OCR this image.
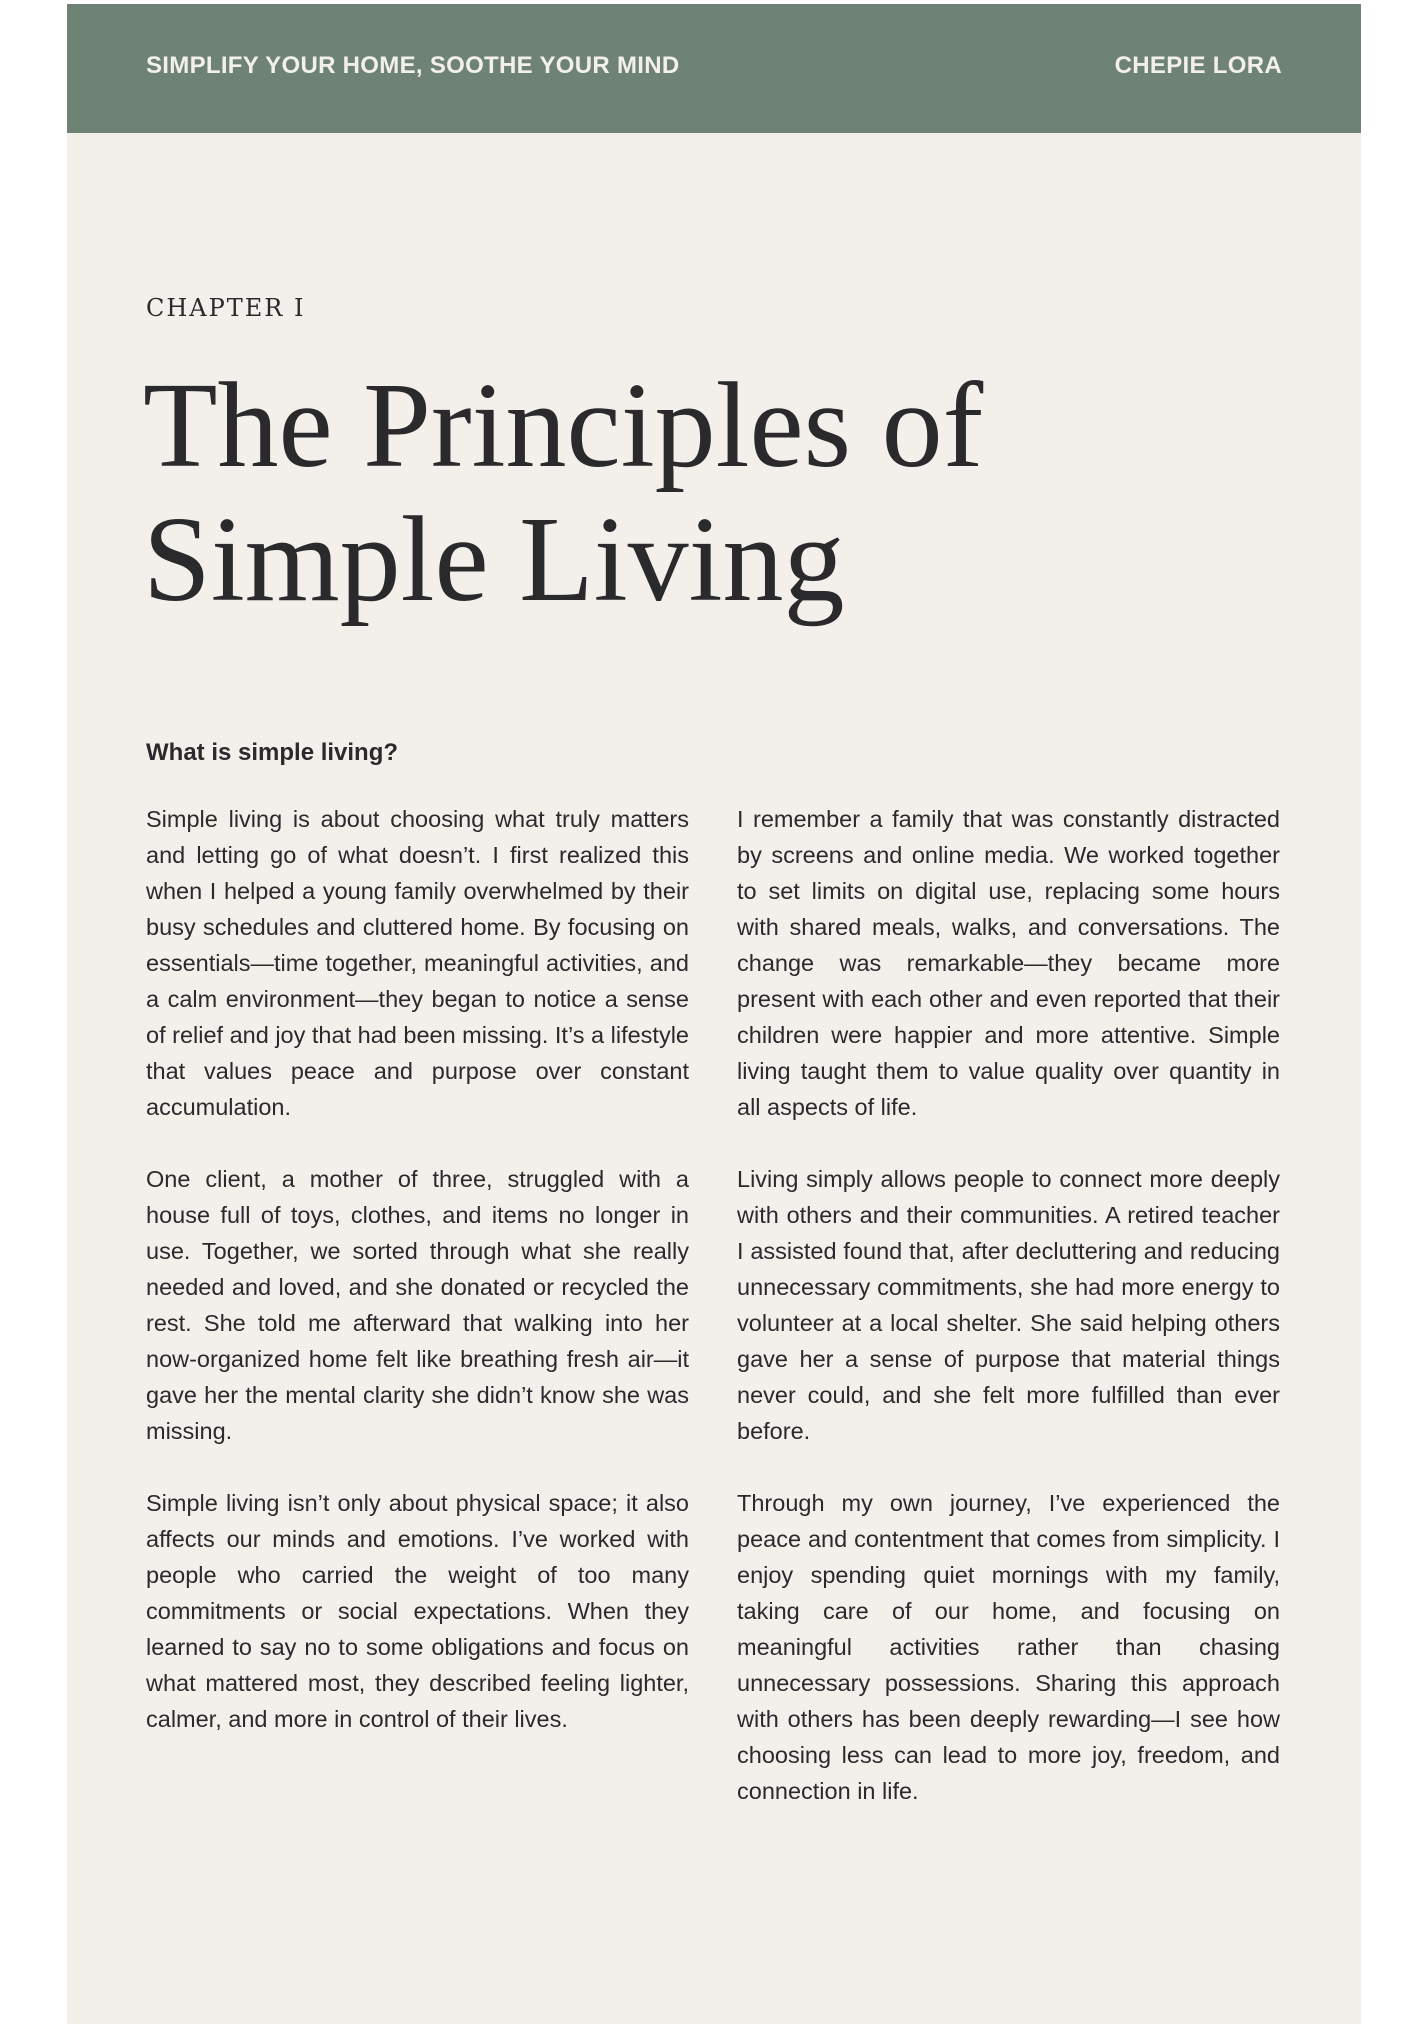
SIMPLIFY YOUR HOME, SOOTHE YOUR MIND	CHEPIE LORA
CHAPTER I
The Principles of
Simple Living
What is simple living?

Simple living is about choosing what truly matters and letting go of what doesn’t. I first realized this when I helped a young family overwhelmed by their busy schedules and cluttered home. By focusing on essentials—time together, meaningful activities, and a calm environment—they began to notice a sense of relief and joy that had been missing. It’s a lifestyle that values peace and purpose over constant accumulation.

One client, a mother of three, struggled with a house full of toys, clothes, and items no longer in use. Together, we sorted through what she really needed and loved, and she donated or recycled the rest. She told me afterward that walking into her now-organized home felt like breathing fresh air—it gave her the mental clarity she didn’t know she was missing.

Simple living isn’t only about physical space; it also affects our minds and emotions. I’ve worked with people who carried the weight of too many commitments or social expectations. When they learned to say no to some obligations and focus on what mattered most, they described feeling lighter, calmer, and more in control of their lives.

I remember a family that was constantly distracted by screens and online media. We worked together to set limits on digital use, replacing some hours with shared meals, walks, and conversations. The change was remarkable—they became more present with each other and even reported that their children were happier and more attentive. Simple living taught them to value quality over quantity in all aspects of life.

Living simply allows people to connect more deeply with others and their communities. A retired teacher I assisted found that, after decluttering and reducing unnecessary commitments, she had more energy to volunteer at a local shelter. She said helping others gave her a sense of purpose that material things never could, and she felt more fulfilled than ever before.

Through my own journey, I’ve experienced the peace and contentment that comes from simplicity. I enjoy spending quiet mornings with my family, taking care of our home, and focusing on meaningful activities rather than chasing unnecessary possessions. Sharing this approach with others has been deeply rewarding—I see how choosing less can lead to more joy, freedom, and connection in life.
